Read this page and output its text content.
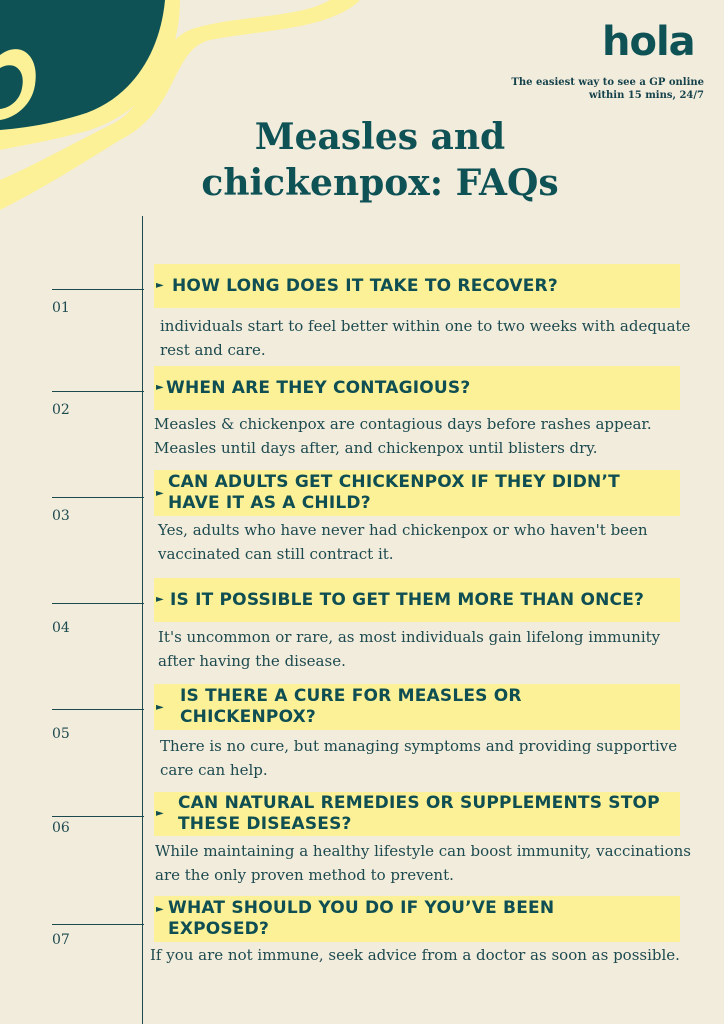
hola
The easiest way to see a GP online within 15 mins, 24/7
Measles and chickenpox: FAQs
01
► HOW LONG DOES IT TAKE TO RECOVER?
individuals start to feel better within one to two weeks with adequate rest and care.
02
► WHEN ARE THEY CONTAGIOUS?
Measles & chickenpox are contagious days before rashes appear. Measles until days after, and chickenpox until blisters dry.
03
►
CAN ADULTS GET CHICKENPOX IF THEY DIDN’T HAVE IT AS A CHILD?
Yes, adults who have never had chickenpox or who haven't been vaccinated can still contract it.
04
► IS IT POSSIBLE TO GET THEM MORE THAN ONCE?
It's uncommon or rare, as most individuals gain lifelong immunity after having the disease.
05
►
IS THERE A CURE FOR MEASLES OR CHICKENPOX?
There is no cure, but managing symptoms and providing supportive care can help.
06
►
CAN NATURAL REMEDIES OR SUPPLEMENTS STOP THESE DISEASES?
While maintaining a healthy lifestyle can boost immunity, vaccinations are the only proven method to prevent.
07
► WHAT SHOULD YOU DO IF YOU’VE BEEN EXPOSED?
If you are not immune, seek advice from a doctor as soon as possible.
